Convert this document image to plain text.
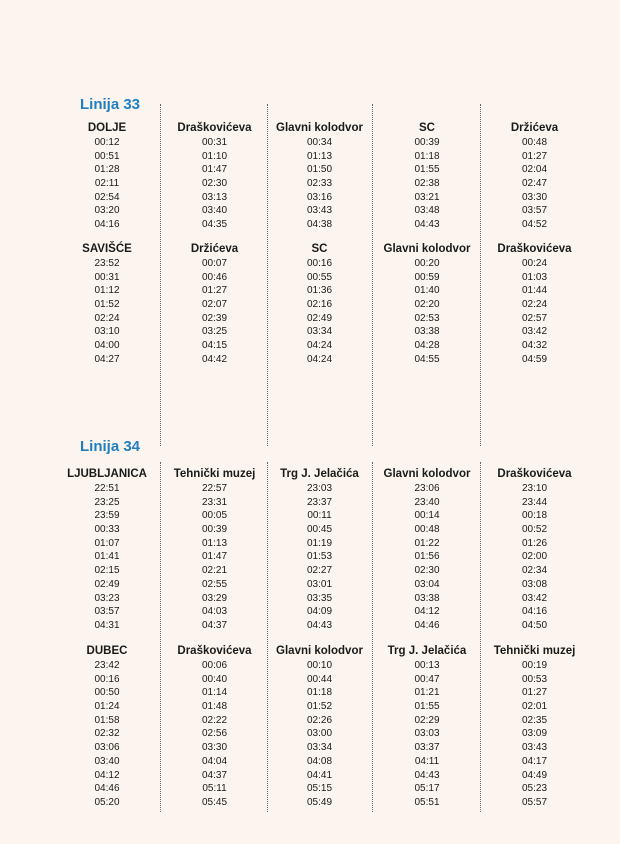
Linija 33
Linija 34
DOLJE
00:12
00:51
01:28
02:11
02:54
03:20
04:16
Draškovićeva
00:31
01:10
01:47
02:30
03:13
03:40
04:35
Glavni kolodvor
00:34
01:13
01:50
02:33
03:16
03:43
04:38
SC
00:39
01:18
01:55
02:38
03:21
03:48
04:43
Držićeva
00:48
01:27
02:04
02:47
03:30
03:57
04:52
SAVIŠĆE
23:52
00:31
01:12
01:52
02:24
03:10
04:00
04:27
Držićeva
00:07
00:46
01:27
02:07
02:39
03:25
04:15
04:42
SC
00:16
00:55
01:36
02:16
02:49
03:34
04:24
04:24
Glavni kolodvor
00:20
00:59
01:40
02:20
02:53
03:38
04:28
04:55
Draškovićeva
00:24
01:03
01:44
02:24
02:57
03:42
04:32
04:59
LJUBLJANICA
22:51
23:25
23:59
00:33
01:07
01:41
02:15
02:49
03:23
03:57
04:31
Tehnički muzej
22:57
23:31
00:05
00:39
01:13
01:47
02:21
02:55
03:29
04:03
04:37
Trg J. Jelačića
23:03
23:37
00:11
00:45
01:19
01:53
02:27
03:01
03:35
04:09
04:43
Glavni kolodvor
23:06
23:40
00:14
00:48
01:22
01:56
02:30
03:04
03:38
04:12
04:46
Draškovićeva
23:10
23:44
00:18
00:52
01:26
02:00
02:34
03:08
03:42
04:16
04:50
DUBEC
23:42
00:16
00:50
01:24
01:58
02:32
03:06
03:40
04:12
04:46
05:20
Draškovićeva
00:06
00:40
01:14
01:48
02:22
02:56
03:30
04:04
04:37
05:11
05:45
Glavni kolodvor
00:10
00:44
01:18
01:52
02:26
03:00
03:34
04:08
04:41
05:15
05:49
Trg J. Jelačića
00:13
00:47
01:21
01:55
02:29
03:03
03:37
04:11
04:43
05:17
05:51
Tehnički muzej
00:19
00:53
01:27
02:01
02:35
03:09
03:43
04:17
04:49
05:23
05:57
